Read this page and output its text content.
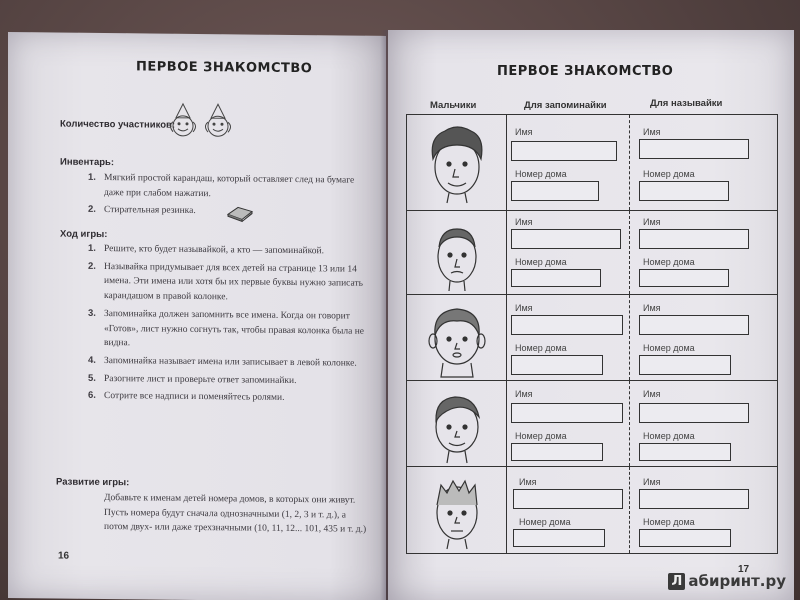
ПЕРВОЕ ЗНАКОМСТВО
Количество участников:
Инвентарь:
1. Мягкий простой карандаш, который оставляет след на бумаге даже при слабом нажатии.
2. Стирательная резинка.
Ход игры:
1. Решите, кто будет называйкой, а кто — запоминайкой.
2. Называйка придумывает для всех детей на странице 13 или 14 имена. Эти имена или хотя бы их первые буквы нужно записать карандашом в правой колонке.
3. Запоминайка должен запомнить все имена. Когда он говорит «Готов», лист нужно согнуть так, чтобы правая колонка была не видна.
4. Запоминайка называет имена или записывает в левой колонке.
5. Разогните лист и проверьте ответ запоминайки.
6. Сотрите все надписи и поменяйтесь ролями.
Развитие игры:
Добавьте к именам детей номера домов, в которых они живут. Пусть номера будут сначала однозначными (1, 2, 3 и т. д.), а потом двух- или даже трехзначными (10, 11, 12... 101, 435 и т. д.)
16
ПЕРВОЕ ЗНАКОМСТВО
Мальчики	Для запоминайки	Для называйки
Имя
Номер дома
Имя
Номер дома
Имя
Номер дома
Имя
Номер дома
Имя
Номер дома
Имя
Номер дома
Имя
Номер дома
Имя
Номер дома
Имя
Номер дома
Имя
Номер дома
17
Л абиринт.ру
